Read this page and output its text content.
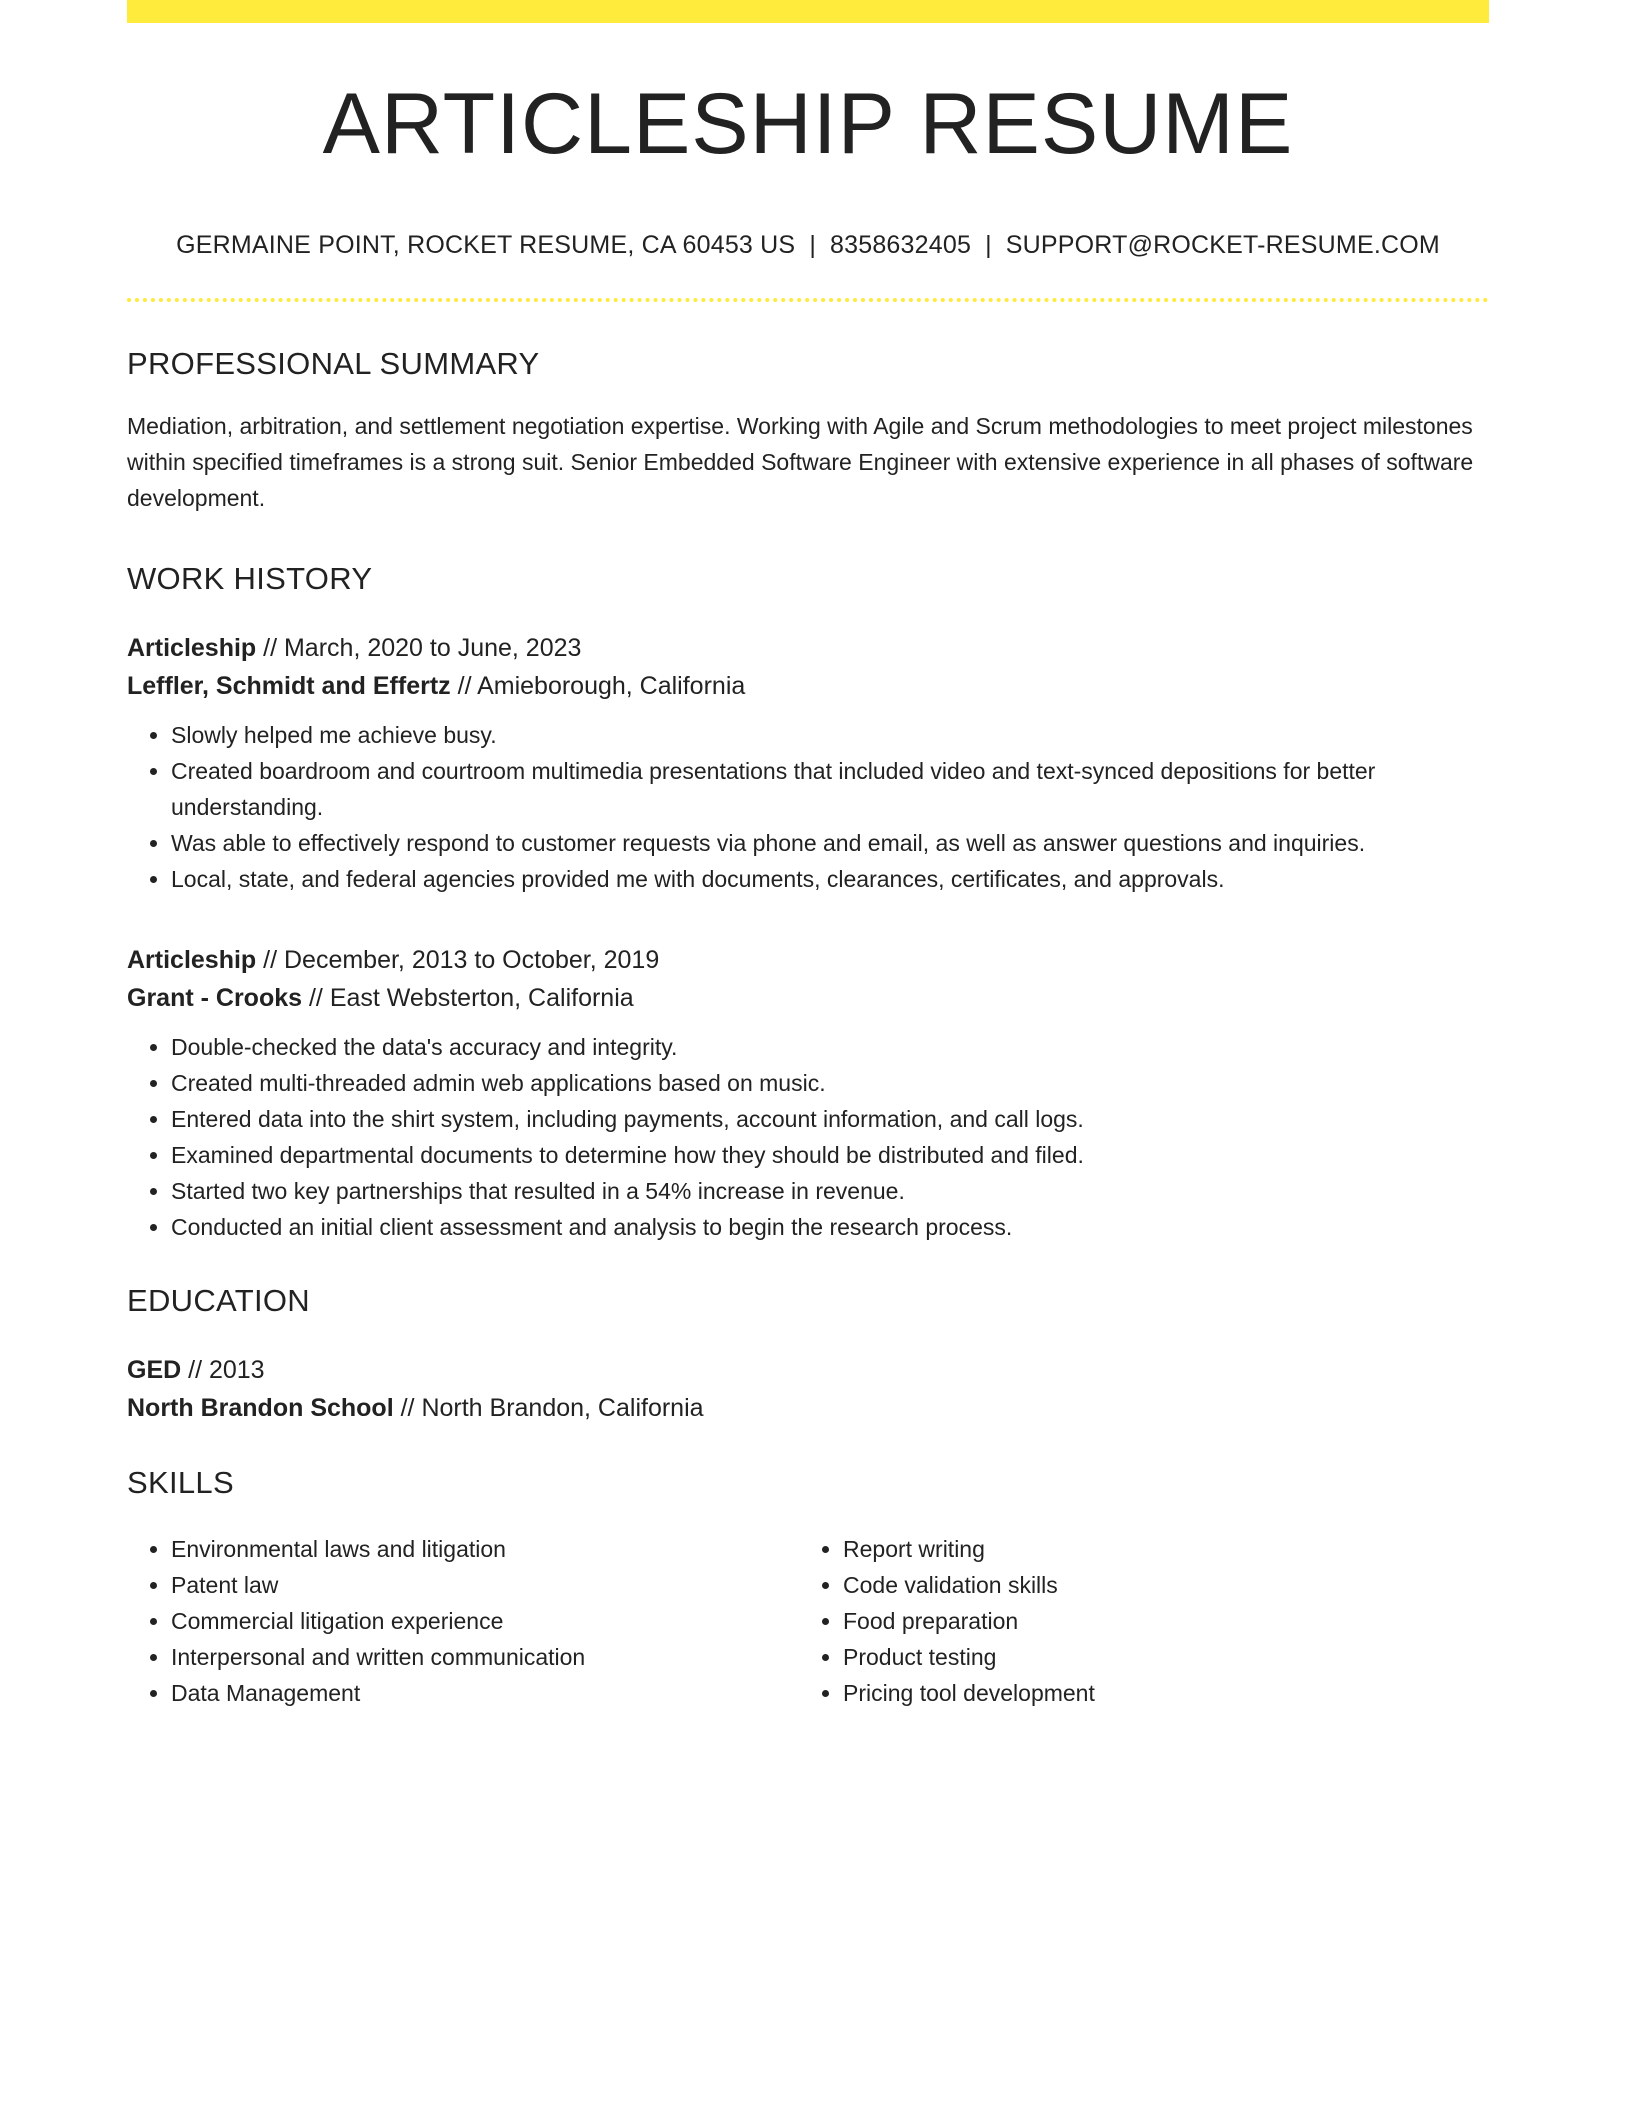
ARTICLESHIP RESUME
GERMAINE POINT, ROCKET RESUME, CA 60453 US | 8358632405 | SUPPORT@ROCKET-RESUME.COM
PROFESSIONAL SUMMARY
Mediation, arbitration, and settlement negotiation expertise. Working with Agile and Scrum methodologies to meet project milestones within specified timeframes is a strong suit. Senior Embedded Software Engineer with extensive experience in all phases of software development.
WORK HISTORY
Articleship // March, 2020 to June, 2023
Leffler, Schmidt and Effertz // Amieborough, California
• Slowly helped me achieve busy.
• Created boardroom and courtroom multimedia presentations that included video and text-synced depositions for better understanding.
• Was able to effectively respond to customer requests via phone and email, as well as answer questions and inquiries.
• Local, state, and federal agencies provided me with documents, clearances, certificates, and approvals.
Articleship // December, 2013 to October, 2019
Grant - Crooks // East Websterton, California
• Double-checked the data's accuracy and integrity.
• Created multi-threaded admin web applications based on music.
• Entered data into the shirt system, including payments, account information, and call logs.
• Examined departmental documents to determine how they should be distributed and filed.
• Started two key partnerships that resulted in a 54% increase in revenue.
• Conducted an initial client assessment and analysis to begin the research process.
EDUCATION
GED // 2013
North Brandon School // North Brandon, California
SKILLS
• Environmental laws and litigation
• Patent law
• Commercial litigation experience
• Interpersonal and written communication
• Data Management
• Report writing
• Code validation skills
• Food preparation
• Product testing
• Pricing tool development
